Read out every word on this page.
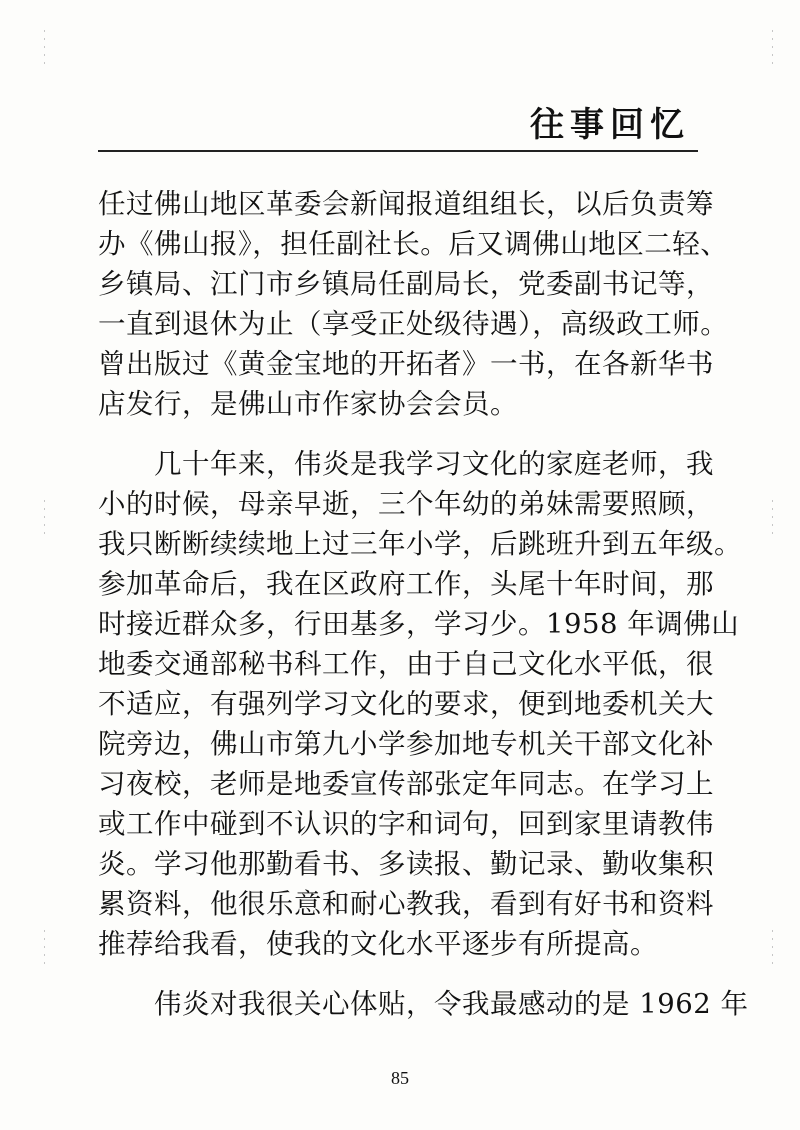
往事回忆
任过佛山地区革委会新闻报道组组长，以后负责筹
办《佛山报》，担任副社长。后又调佛山地区二轻、
乡镇局、江门市乡镇局任副局长，党委副书记等，
一直到退休为止（享受正处级待遇），高级政工师。
曾出版过《黄金宝地的开拓者》一书，在各新华书
店发行，是佛山市作家协会会员。
几十年来，伟炎是我学习文化的家庭老师，我
小的时候，母亲早逝，三个年幼的弟妹需要照顾，
我只断断续续地上过三年小学，后跳班升到五年级。
参加革命后，我在区政府工作，头尾十年时间，那
时接近群众多，行田基多，学习少。1958 年调佛山
地委交通部秘书科工作，由于自己文化水平低，很
不适应，有强列学习文化的要求，便到地委机关大
院旁边，佛山市第九小学参加地专机关干部文化补
习夜校，老师是地委宣传部张定年同志。在学习上
或工作中碰到不认识的字和词句，回到家里请教伟
炎。学习他那勤看书、多读报、勤记录、勤收集积
累资料，他很乐意和耐心教我，看到有好书和资料
推荐给我看，使我的文化水平逐步有所提高。
伟炎对我很关心体贴，令我最感动的是 1962 年
85
